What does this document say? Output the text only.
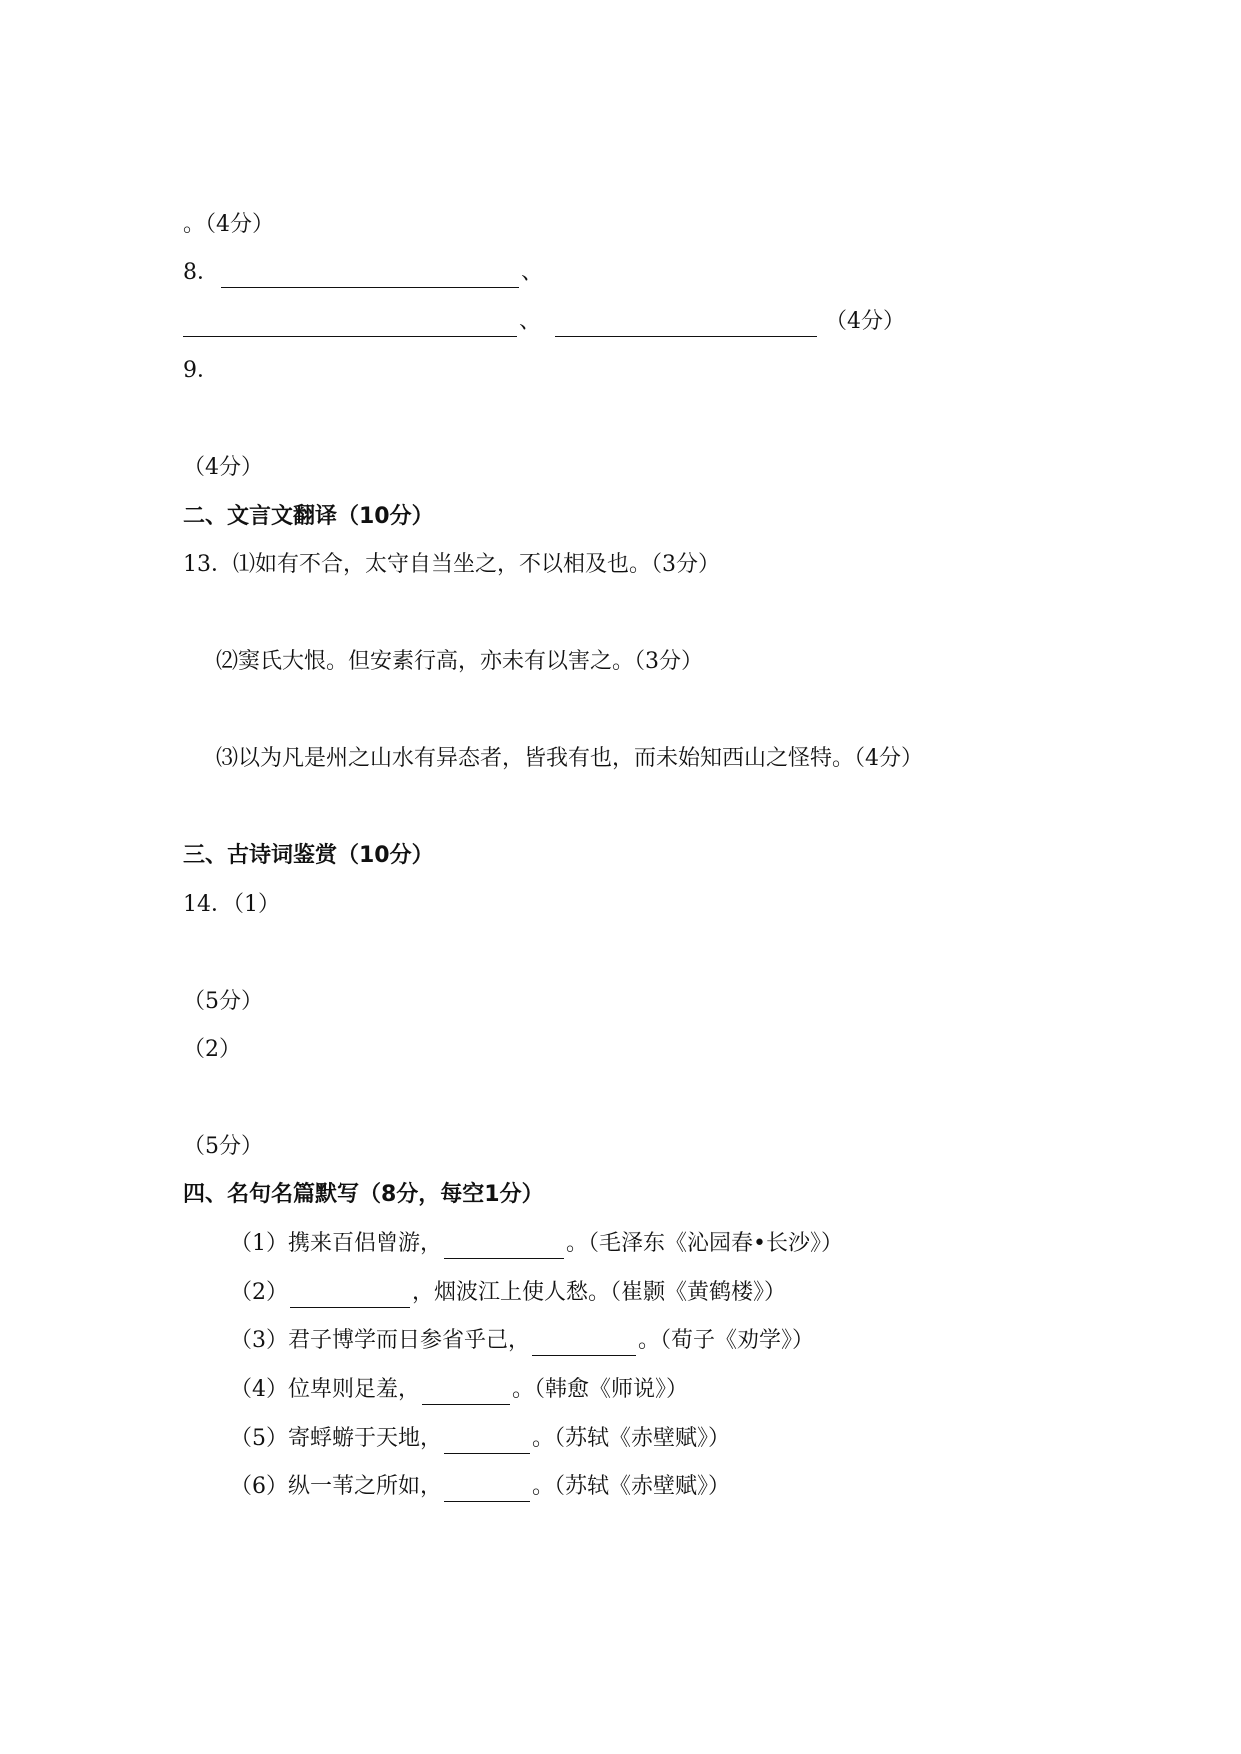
。（4分）
8．	、
、	（4分）
9．
（4分）
二、文言文翻译（10分）
13．⑴如有不合，太守自当坐之，不以相及也。（3分）
⑵窦氏大恨。但安素行高，亦未有以害之。（3分）
⑶以为凡是州之山水有异态者，皆我有也，而未始知西山之怪特。（4分）
三、古诗词鉴赏（10分）
14．（1）
（5分）
（2）
（5分）
四、名句名篇默写（8分，每空1分）
（1）携来百侣曾游，	。（毛泽东《沁园春•长沙》）
（2）	，烟波江上使人愁。（崔颢《黄鹤楼》）
（3）君子博学而日参省乎己，	。（荀子《劝学》）
（4）位卑则足羞，	。（韩愈《师说》）
（5）寄蜉蝣于天地，	。（苏轼《赤壁赋》）
（6）纵一苇之所如，	。（苏轼《赤壁赋》）
